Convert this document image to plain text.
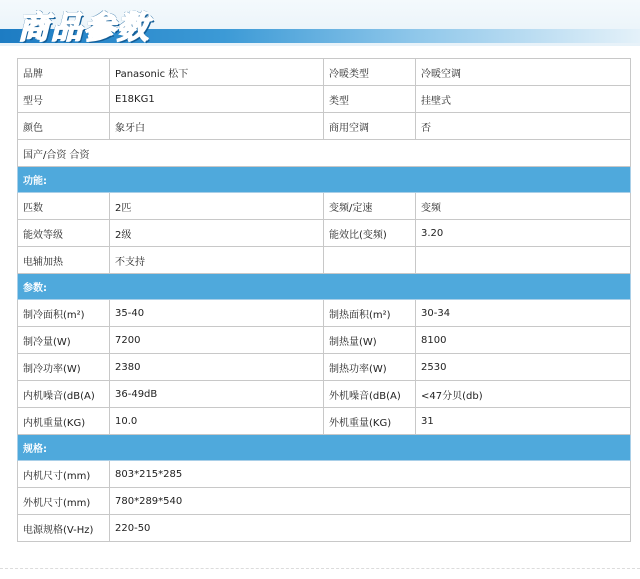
商品参数
品牌	Panasonic 松下	冷暖类型	冷暖空调
型号	E18KG1	类型	挂壁式
颜色	象牙白	商用空调	否
国产/合资 合资			
功能:			
匹数	2匹	变频/定速	变频
能效等级	2级	能效比(变频)	3.20
电辅加热	不支持		
参数:			
制冷面积(m²)	35-40	制热面积(m²)	30-34
制冷量(W)	7200	制热量(W)	8100
制冷功率(W)	2380	制热功率(W)	2530
内机噪音(dB(A)	36-49dB	外机噪音(dB(A)	<47分贝(db)
内机重量(KG)	10.0	外机重量(KG)	31
规格:			
内机尺寸(mm)	803*215*285		
外机尺寸(mm)	780*289*540		
电源规格(V-Hz)	220-50		
